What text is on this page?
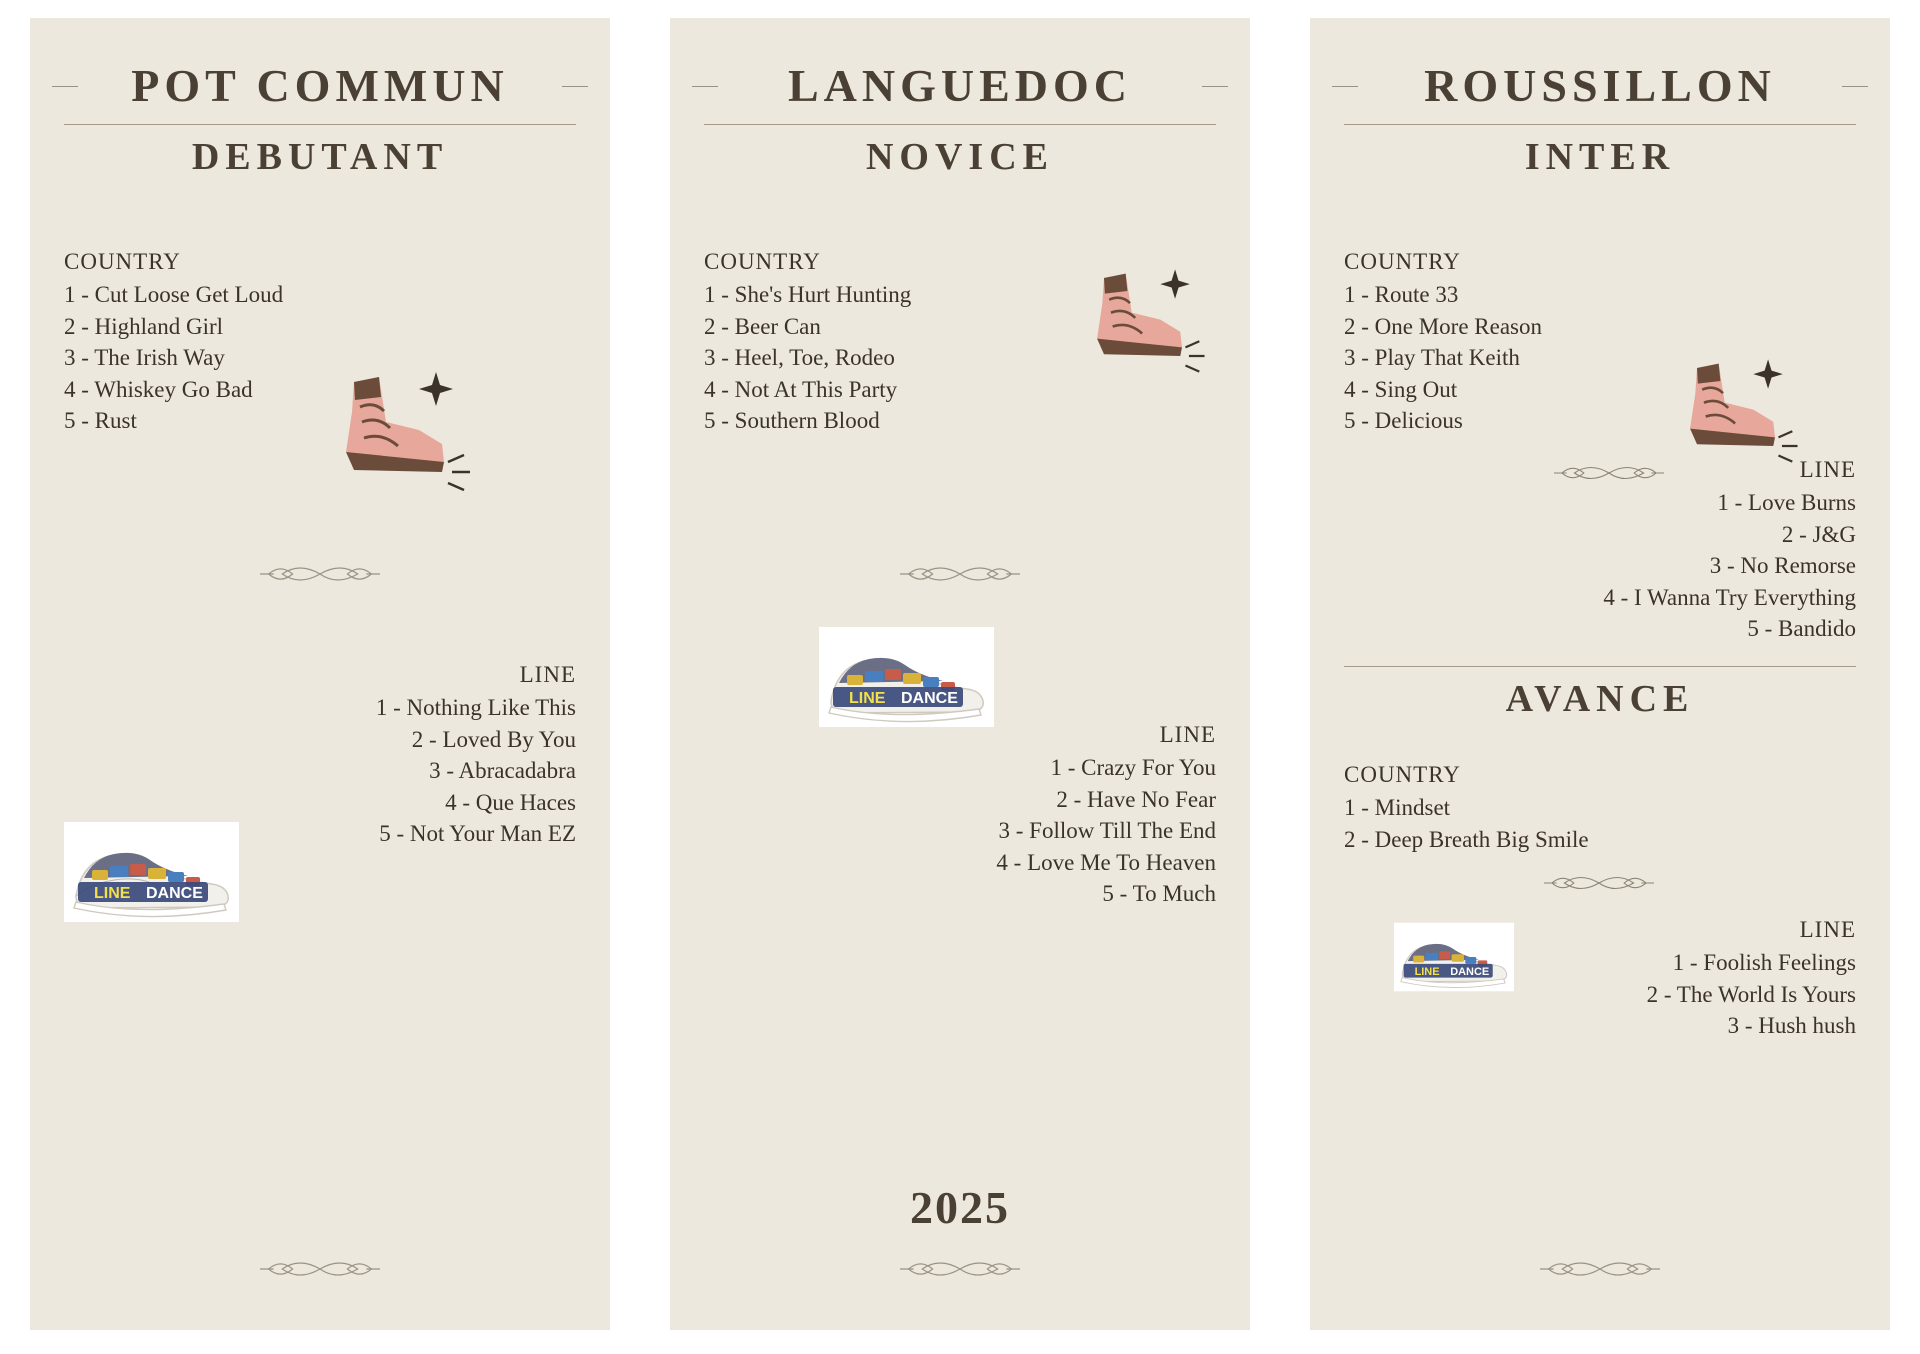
POT COMMUN
DEBUTANT
COUNTRY
1 - Cut Loose Get Loud
2 - Highland Girl
3 - The Irish Way
4 - Whiskey Go Bad
5 - Rust
LINE
1 - Nothing Like This
2 - Loved By You
3 - Abracadabra
4 - Que Haces
5 - Not Your Man EZ
LINE DANCE
LANGUEDOC
NOVICE
COUNTRY
1 - She's Hurt Hunting
2 - Beer Can
3 - Heel, Toe, Rodeo
4 - Not At This Party
5 - Southern Blood
LINE DANCE
LINE
1 - Crazy For You
2 - Have No Fear
3 - Follow Till The End
4 - Love Me To Heaven
5 - To Much
2025
ROUSSILLON
INTER
COUNTRY
1 - Route 33
2 - One More Reason
3 - Play That Keith
4 - Sing Out
5 - Delicious
LINE
1 - Love Burns
2 - J&G
3 - No Remorse
4 - I Wanna Try Everything
5 - Bandido
AVANCE
COUNTRY
1 - Mindset
2 - Deep Breath Big Smile
LINE DANCE
LINE
1 - Foolish Feelings
2 - The World Is Yours
3 - Hush hush
